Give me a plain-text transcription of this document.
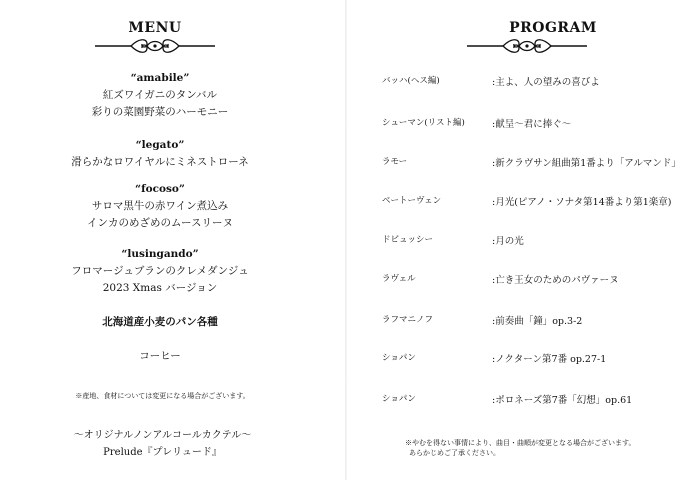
MENU
“amabile”
紅ズワイガニのタンバル
彩りの菜園野菜のハーモニー
“legato”
滑らかなロワイヤルにミネストローネ
“focoso”
サロマ黒牛の赤ワイン煮込み
インカのめざめのムースリーヌ
“lusingando”
フロマージュブランのクレメダンジュ
2023 Xmas バージョン
北海道産小麦のパン各種
コーヒー
※産地、食材については変更になる場合がございます。
～オリジナルノンアルコールカクテル～
Prelude『プレリュード』
PROGRAM
バッハ(ヘス編)	:主よ、人の望みの喜びよ
シューマン(リスト編)	:献呈～君に捧ぐ～
ラモー	:新クラヴサン組曲第1番より「アルマンド」
ベートーヴェン	:月光(ピアノ・ソナタ第14番より第1楽章)
ドビュッシー	:月の光
ラヴェル	:亡き王女のためのパヴァーヌ
ラフマニノフ	:前奏曲「鐘」op.3-2
ショパン	:ノクターン第7番 op.27-1
ショパン	:ポロネーズ第7番「幻想」op.61
※やむを得ない事情により、曲目・曲順が変更となる場合がございます。
あらかじめご了承ください。
